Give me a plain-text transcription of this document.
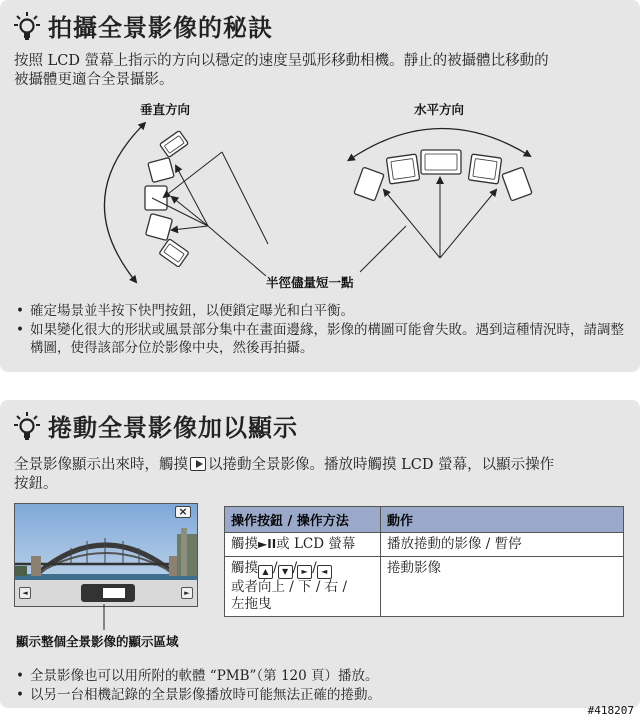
拍攝全景影像的秘訣
按照 LCD 螢幕上指示的方向以穩定的速度呈弧形移動相機。靜止的被攝體比移動的
被攝體更適合全景攝影。
垂直方向	水平方向
半徑儘量短一點
• 確定場景並半按下快門按鈕，以便鎖定曝光和白平衡。
• 如果變化很大的形狀或風景部分集中在畫面邊緣，影像的構圖可能會失敗。遇到這種情況時，請調整構圖，使得該部分位於影像中央，然後再拍攝。
捲動全景影像加以顯示
全景影像顯示出來時，觸摸 以捲動全景影像。播放時觸摸 LCD 螢幕，以顯示操作
按鈕。
×
◄	►
顯示整個全景影像的顯示區域
操作按鈕 / 操作方法	動作
觸摸►II或 LCD 螢幕	播放捲動的影像 / 暫停

觸摸 ▲ / ▼ / ► / ◄
或者向上 / 下 / 右 /
左拖曳	捲動影像
• 全景影像也可以用所附的軟體 “PMB”（第 120 頁）播放。
• 以另一台相機記錄的全景影像播放時可能無法正確的捲動。
#418207
